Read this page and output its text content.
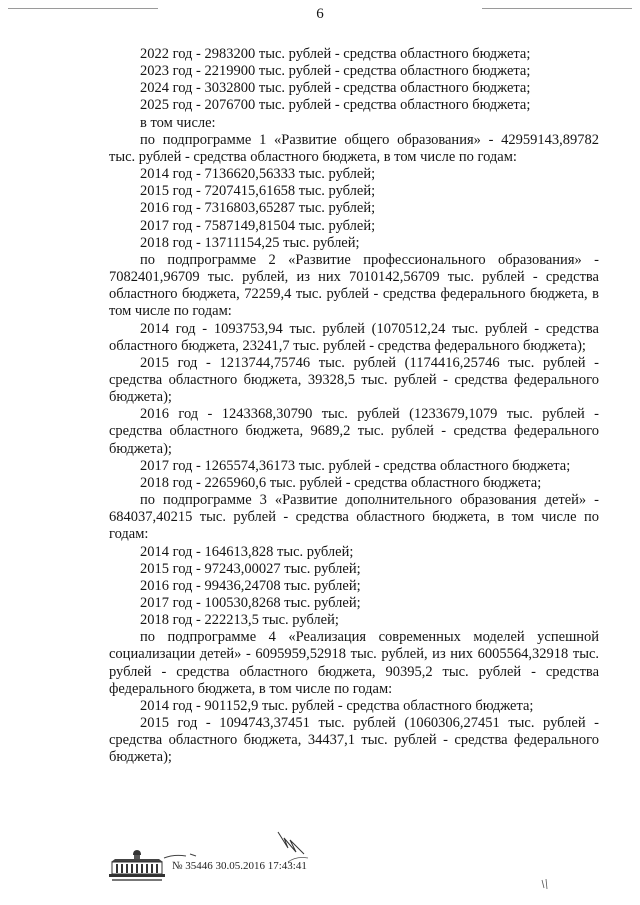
6
2022 год - 2983200 тыс. рублей - средства областного бюджета;
2023 год - 2219900 тыс. рублей - средства областного бюджета;
2024 год - 3032800 тыс. рублей - средства областного бюджета;
2025 год - 2076700 тыс. рублей - средства областного бюджета;
в том числе:
по подпрограмме 1 «Развитие общего образования» - 42959143,89782 тыс. рублей - средства областного бюджета, в том числе по годам:
2014 год - 7136620,56333 тыс. рублей;
2015 год - 7207415,61658 тыс. рублей;
2016 год - 7316803,65287 тыс. рублей;
2017 год - 7587149,81504 тыс. рублей;
2018 год - 13711154,25 тыс. рублей;
по подпрограмме 2 «Развитие профессионального образования» - 7082401,96709 тыс. рублей, из них 7010142,56709 тыс. рублей - средства областного бюджета, 72259,4 тыс. рублей - средства федерального бюджета, в том числе по годам:
2014 год - 1093753,94 тыс. рублей (1070512,24 тыс. рублей - средства областного бюджета, 23241,7 тыс. рублей - средства федерального бюджета);
2015 год - 1213744,75746 тыс. рублей (1174416,25746 тыс. рублей - средства областного бюджета, 39328,5 тыс. рублей - средства федерального бюджета);
2016 год - 1243368,30790 тыс. рублей (1233679,1079 тыс. рублей - средства областного бюджета, 9689,2 тыс. рублей - средства федерального бюджета);
2017 год - 1265574,36173 тыс. рублей - средства областного бюджета;
2018 год - 2265960,6 тыс. рублей - средства областного бюджета;
по подпрограмме 3 «Развитие дополнительного образования детей» - 684037,40215 тыс. рублей - средства областного бюджета, в том числе по годам:
2014 год - 164613,828 тыс. рублей;
2015 год - 97243,00027 тыс. рублей;
2016 год - 99436,24708 тыс. рублей;
2017 год - 100530,8268 тыс. рублей;
2018 год - 222213,5 тыс. рублей;
по подпрограмме 4 «Реализация современных моделей успешной социализации детей» - 6095959,52918 тыс. рублей, из них 6005564,32918 тыс. рублей - средства областного бюджета, 90395,2 тыс. рублей - средства федерального бюджета, в том числе по годам:
2014 год - 901152,9 тыс. рублей - средства областного бюджета;
2015 год - 1094743,37451 тыс. рублей (1060306,27451 тыс. рублей - средства областного бюджета, 34437,1 тыс. рублей - средства федерального бюджета);
№ 35446 30.05.2016 17:43:41
